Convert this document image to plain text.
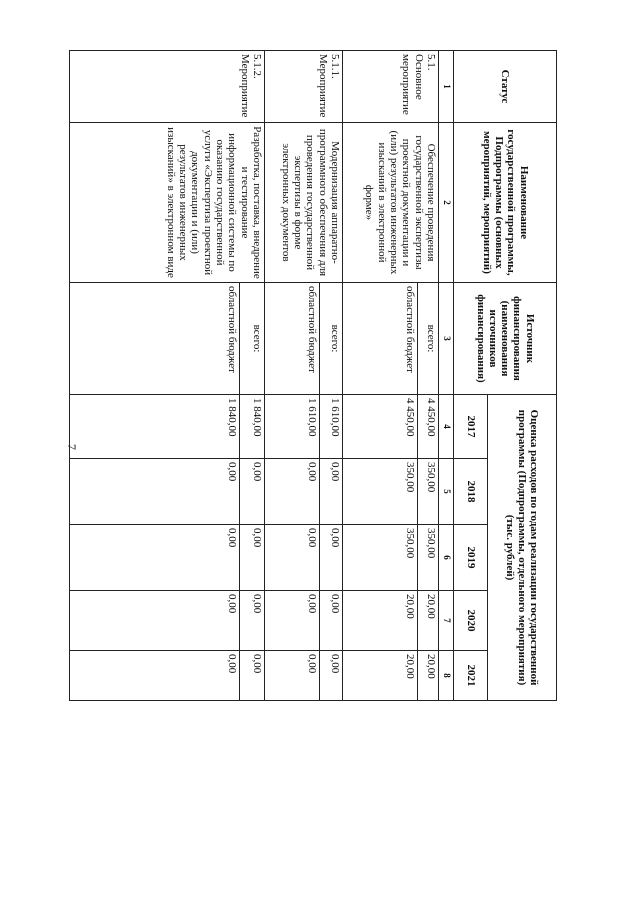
7
Статус	Наименование государственной программы, Подпрограммы (основных мероприятий, мероприятий)	Источник финансирования (наименования источников финансирования)	Оценка расходов по годам реализации государственной программы (Подпрограммы, отдельного мероприятия) (тыс. рублей)					
			2017	2018	2019	2020	2021	
1	2	3	4	5	6	7	8	
5.1. Основное мероприятие	Обеспечение проведения государственной экспертизы проектной документации и (или) результатов инженерных изысканий в электронной форме»	всего:	4 450,00	350,00	350,00	20,00	20,00	
		областной бюджет	4 450,00	350,00	350,00	20,00	20,00	
5.1.1. Мероприятие	Модернизация аппаратно-программного обеспечения для проведения государственной экспертизы в форме электронных документов	всего:	1 610,00	0,00	0,00	0,00	0,00	
		областной бюджет	1 610,00	0,00	0,00	0,00	0,00	
5.1.2. Мероприятие	Разработка, поставка, внедрение и тестирование информационной системы по оказанию государственной услуги «Экспертиза проектной документации и (или) результатов инженерных изысканий» в электронном виде	всего:	1 840,00	0,00	0,00	0,00	0,00	
		областной бюджет	1 840,00	0,00	0,00	0,00	0,00	
